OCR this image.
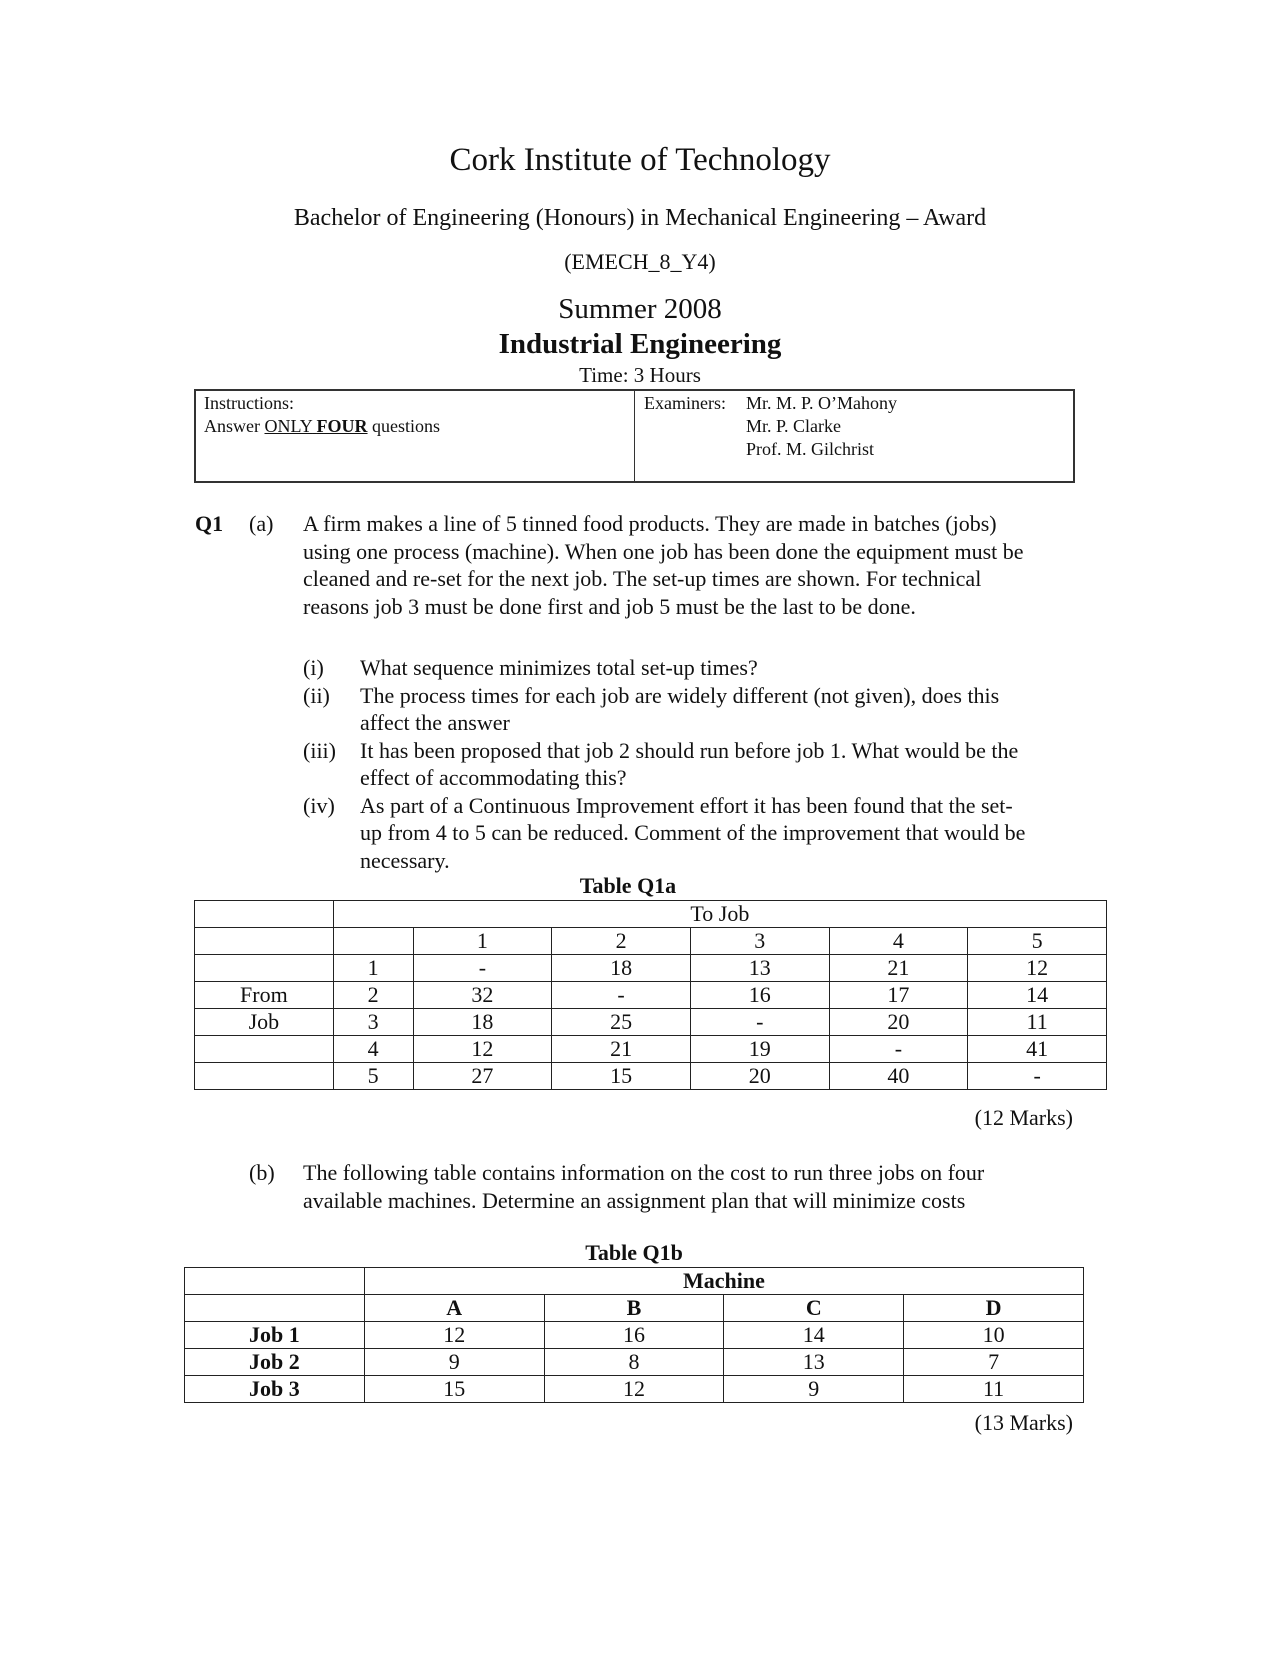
Cork Institute of Technology
Bachelor of Engineering (Honours) in Mechanical Engineering – Award
(EMECH_8_Y4)
Summer 2008
Industrial Engineering
Time: 3 Hours
Instructions:
Answer ONLY FOUR questions
Examiners: Mr. M. P. O’Mahony
Mr. P. Clarke
Prof. M. Gilchrist
Q1 (a) A firm makes a line of 5 tinned food products. They are made in batches (jobs)
using one process (machine). When one job has been done the equipment must be
cleaned and re-set for the next job. The set-up times are shown. For technical
reasons job 3 must be done first and job 5 must be the last to be done.
(i) What sequence minimizes total set-up times?
(ii) The process times for each job are widely different (not given), does this
affect the answer
(iii) It has been proposed that job 2 should run before job 1. What would be the
effect of accommodating this?
(iv) As part of a Continuous Improvement effort it has been found that the set-
up from 4 to 5 can be reduced. Comment of the improvement that would be
necessary.
Table Q1a
	To Job					
		1	2	3	4	5
	1	-	18	13	21	12
From	2	32	-	16	17	14
Job	3	18	25	-	20	11
	4	12	21	19	-	41
	5	27	15	20	40	-
(12 Marks)
(b) The following table contains information on the cost to run three jobs on four
available machines. Determine an assignment plan that will minimize costs
Table Q1b
	Machine			
	A	B	C	D
Job 1	12	16	14	10
Job 2	9	8	13	7
Job 3	15	12	9	11
(13 Marks)
